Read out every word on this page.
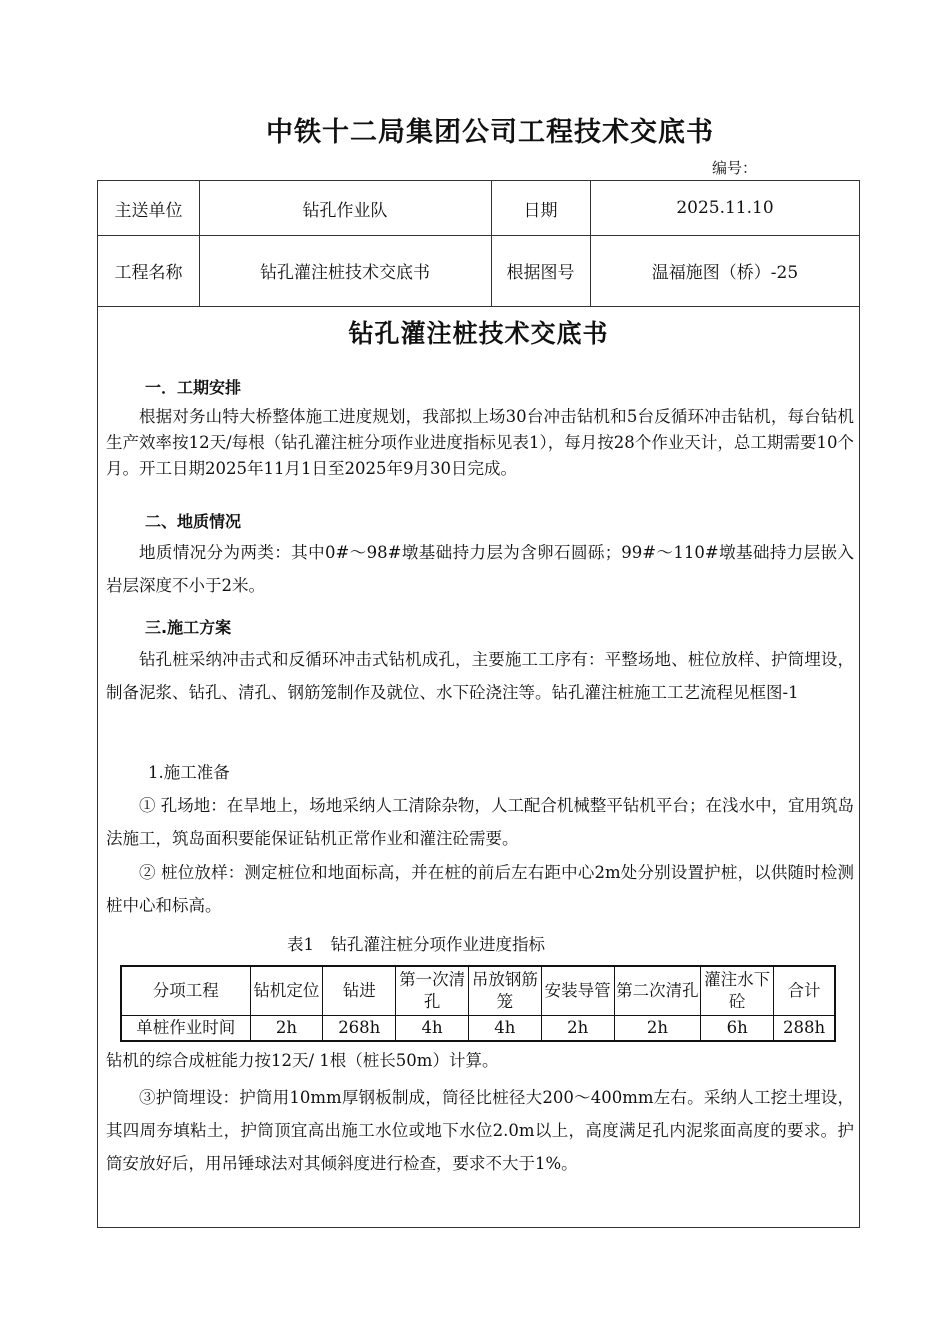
中铁十二局集团公司工程技术交底书
编号：
主送单位	钻孔作业队	日期	2025.11.10
工程名称	钻孔灌注桩技术交底书	根据图号	温福施图（桥）-25
钻孔灌注桩技术交底书
一．工期安排
根据对务山特大桥整体施工进度规划，我部拟上场30台冲击钻机和5台反循环冲击钻机，每台钻机生产效率按12天/每根（钻孔灌注桩分项作业进度指标见表1），每月按28个作业天计，总工期需要10个月。开工日期2025年11月1日至2025年9月30日完成。
二、地质情况
地质情况分为两类：其中0#～98#墩基础持力层为含卵石圆砾；99#～110#墩基础持力层嵌入岩层深度不小于2米。
三.施工方案
钻孔桩采纳冲击式和反循环冲击式钻机成孔，主要施工工序有：平整场地、桩位放样、护筒埋设，制备泥浆、钻孔、清孔、钢筋笼制作及就位、水下砼浇注等。钻孔灌注桩施工工艺流程见框图-1
1.施工准备
① 孔场地：在旱地上，场地采纳人工清除杂物，人工配合机械整平钻机平台；在浅水中，宜用筑岛法施工，筑岛面积要能保证钻机正常作业和灌注砼需要。
② 桩位放样：测定桩位和地面标高，并在桩的前后左右距中心2m处分别设置护桩，以供随时检测桩中心和标高。
表1　钻孔灌注桩分项作业进度指标
分项工程	钻机定位	钻进	第一次清孔	吊放钢筋笼	安装导管	第二次清孔	灌注水下砼	合计
单桩作业时间	2h	268h	4h	4h	2h	2h	6h	288h
钻机的综合成桩能力按12天/ 1根（桩长50m）计算。
③护筒埋设：护筒用10mm厚钢板制成，筒径比桩径大200～400mm左右。采纳人工挖土埋设，其四周夯填粘土，护筒顶宜高出施工水位或地下水位2.0m以上，高度满足孔内泥浆面高度的要求。护筒安放好后，用吊锤球法对其倾斜度进行检查，要求不大于1%。
